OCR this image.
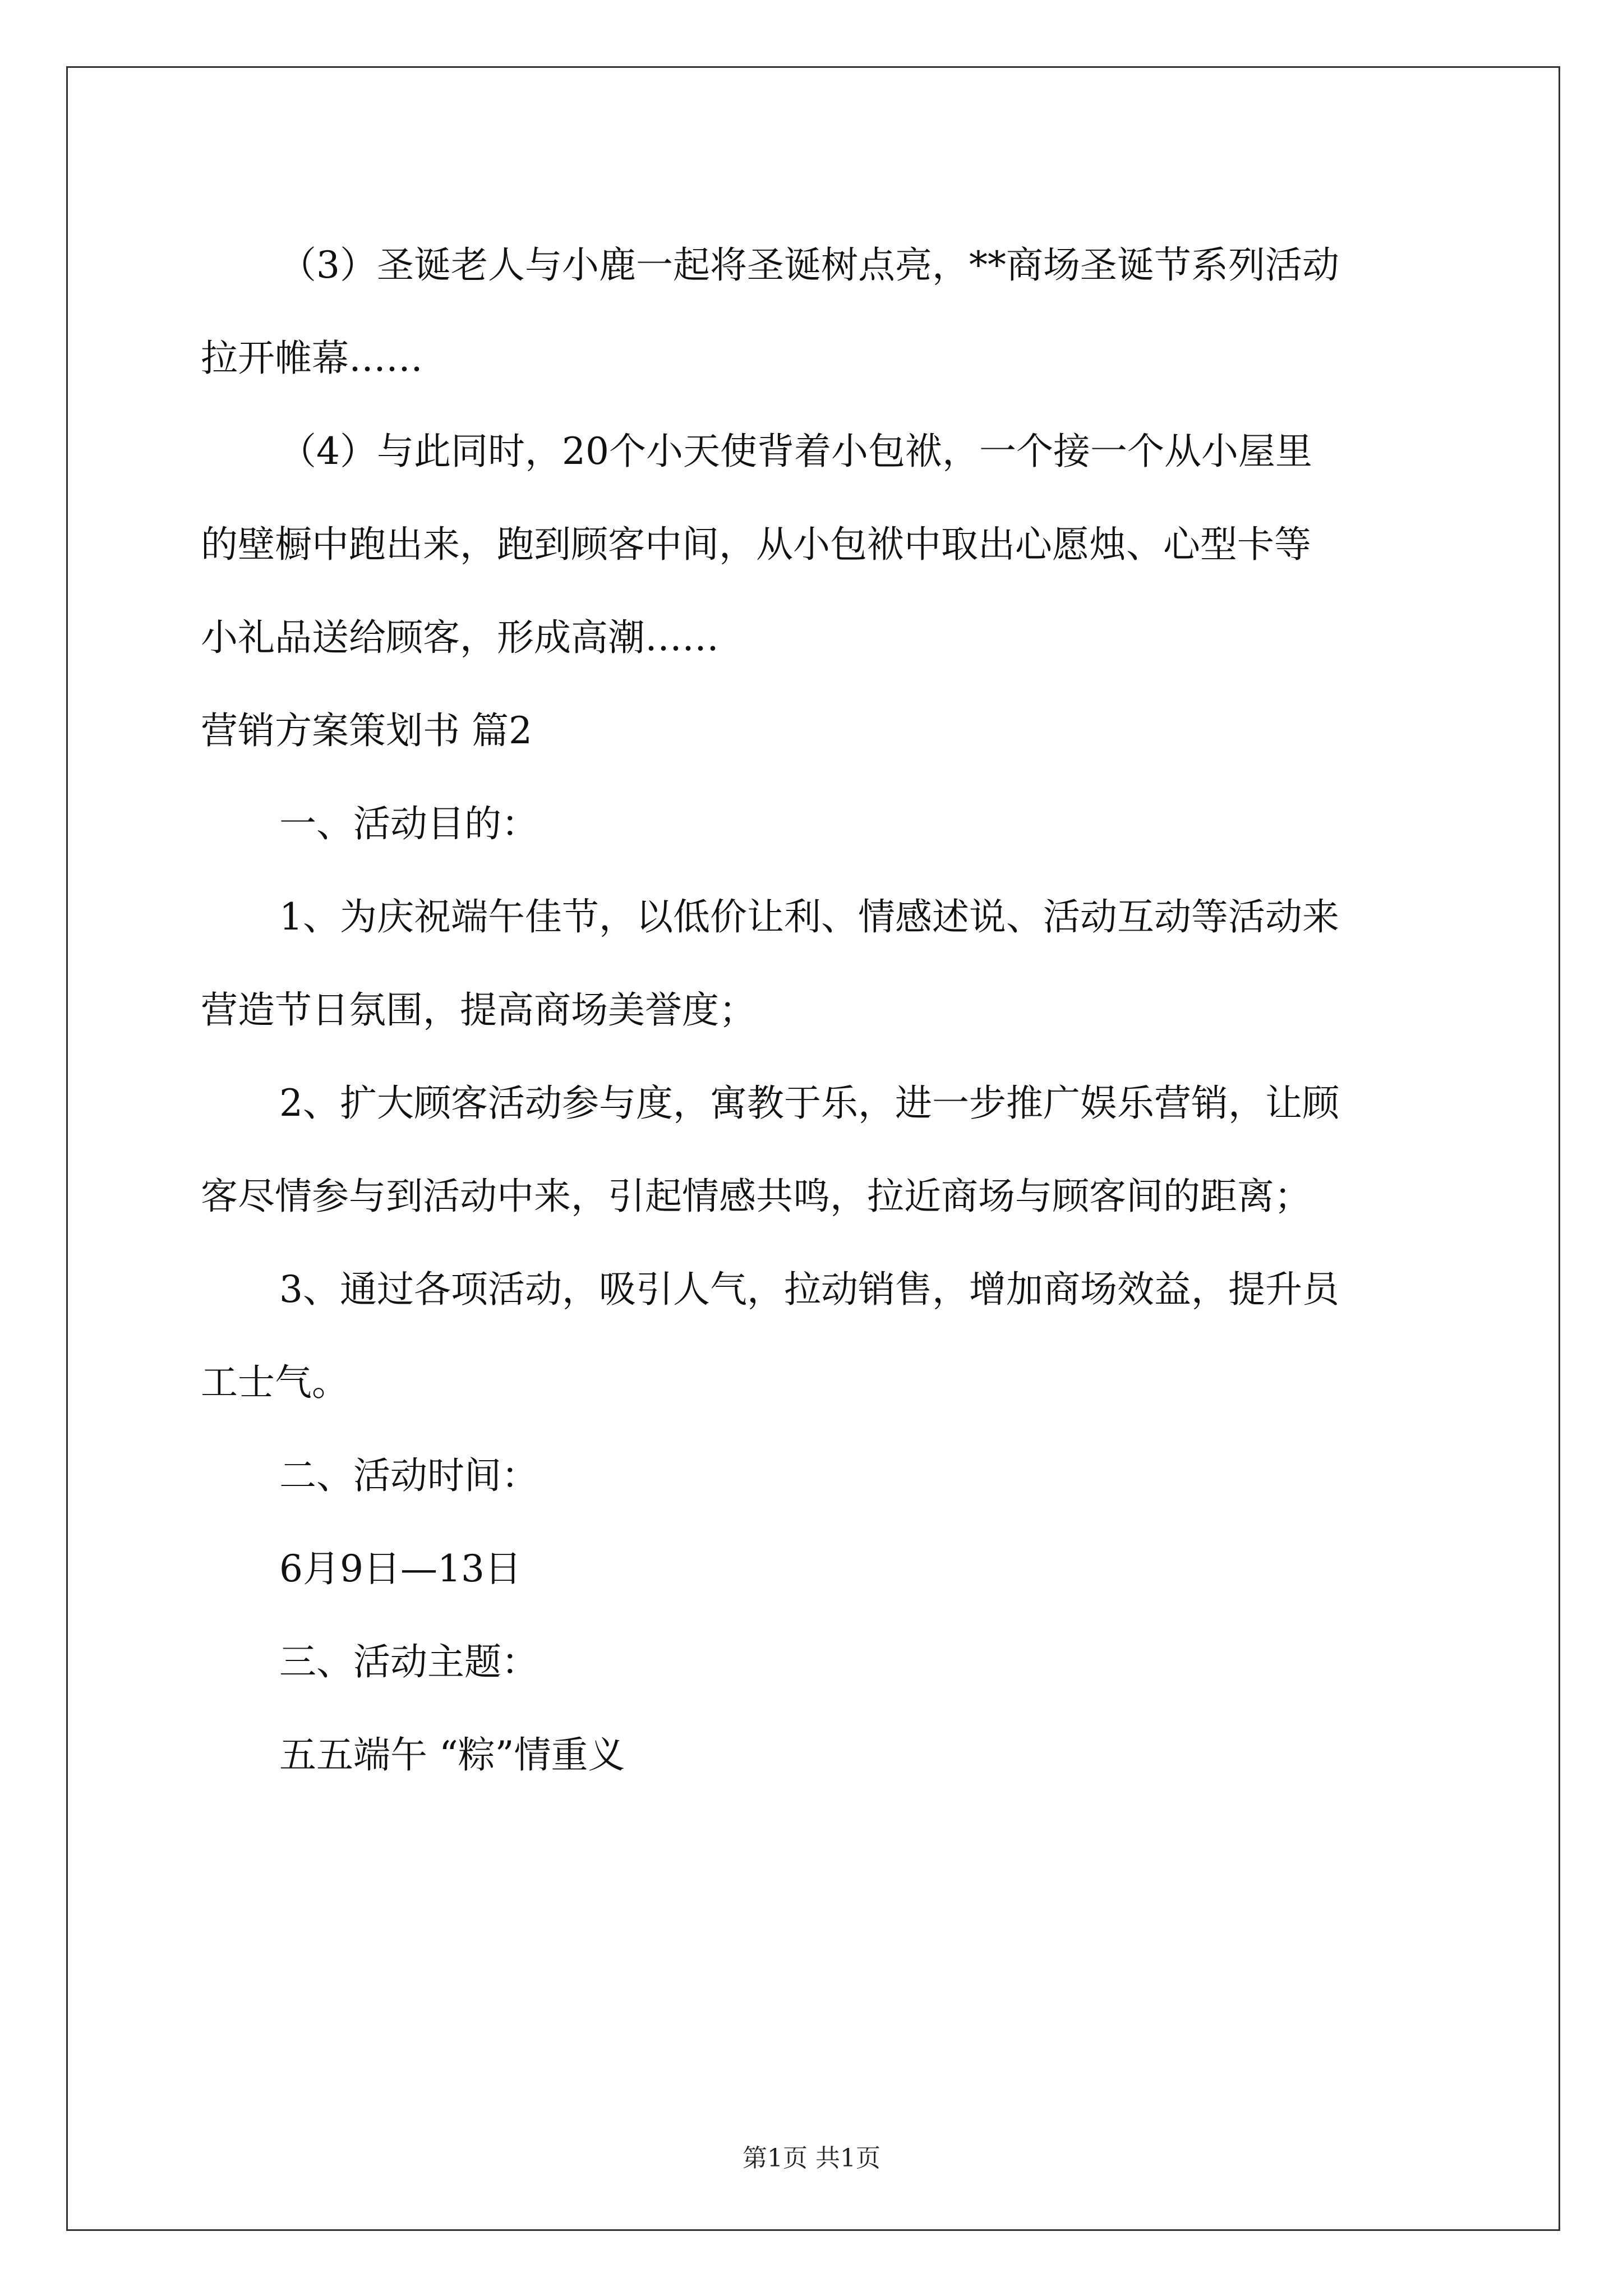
（3）圣诞老人与小鹿一起将圣诞树点亮，**商场圣诞节系列活动

拉开帷幕……

（4）与此同时，20个小天使背着小包袱，一个接一个从小屋里

的壁橱中跑出来，跑到顾客中间，从小包袱中取出心愿烛、心型卡等

小礼品送给顾客，形成高潮……

营销方案策划书 篇2

一、活动目的：

1、为庆祝端午佳节，以低价让利、情感述说、活动互动等活动来

营造节日氛围，提高商场美誉度；

2、扩大顾客活动参与度，寓教于乐，进一步推广娱乐营销，让顾

客尽情参与到活动中来，引起情感共鸣，拉近商场与顾客间的距离；

3、通过各项活动，吸引人气，拉动销售，增加商场效益，提升员

工士气。

二、活动时间：

6月9日—13日

三、活动主题：

五五端午 “粽”情重义

第1页 共1页
